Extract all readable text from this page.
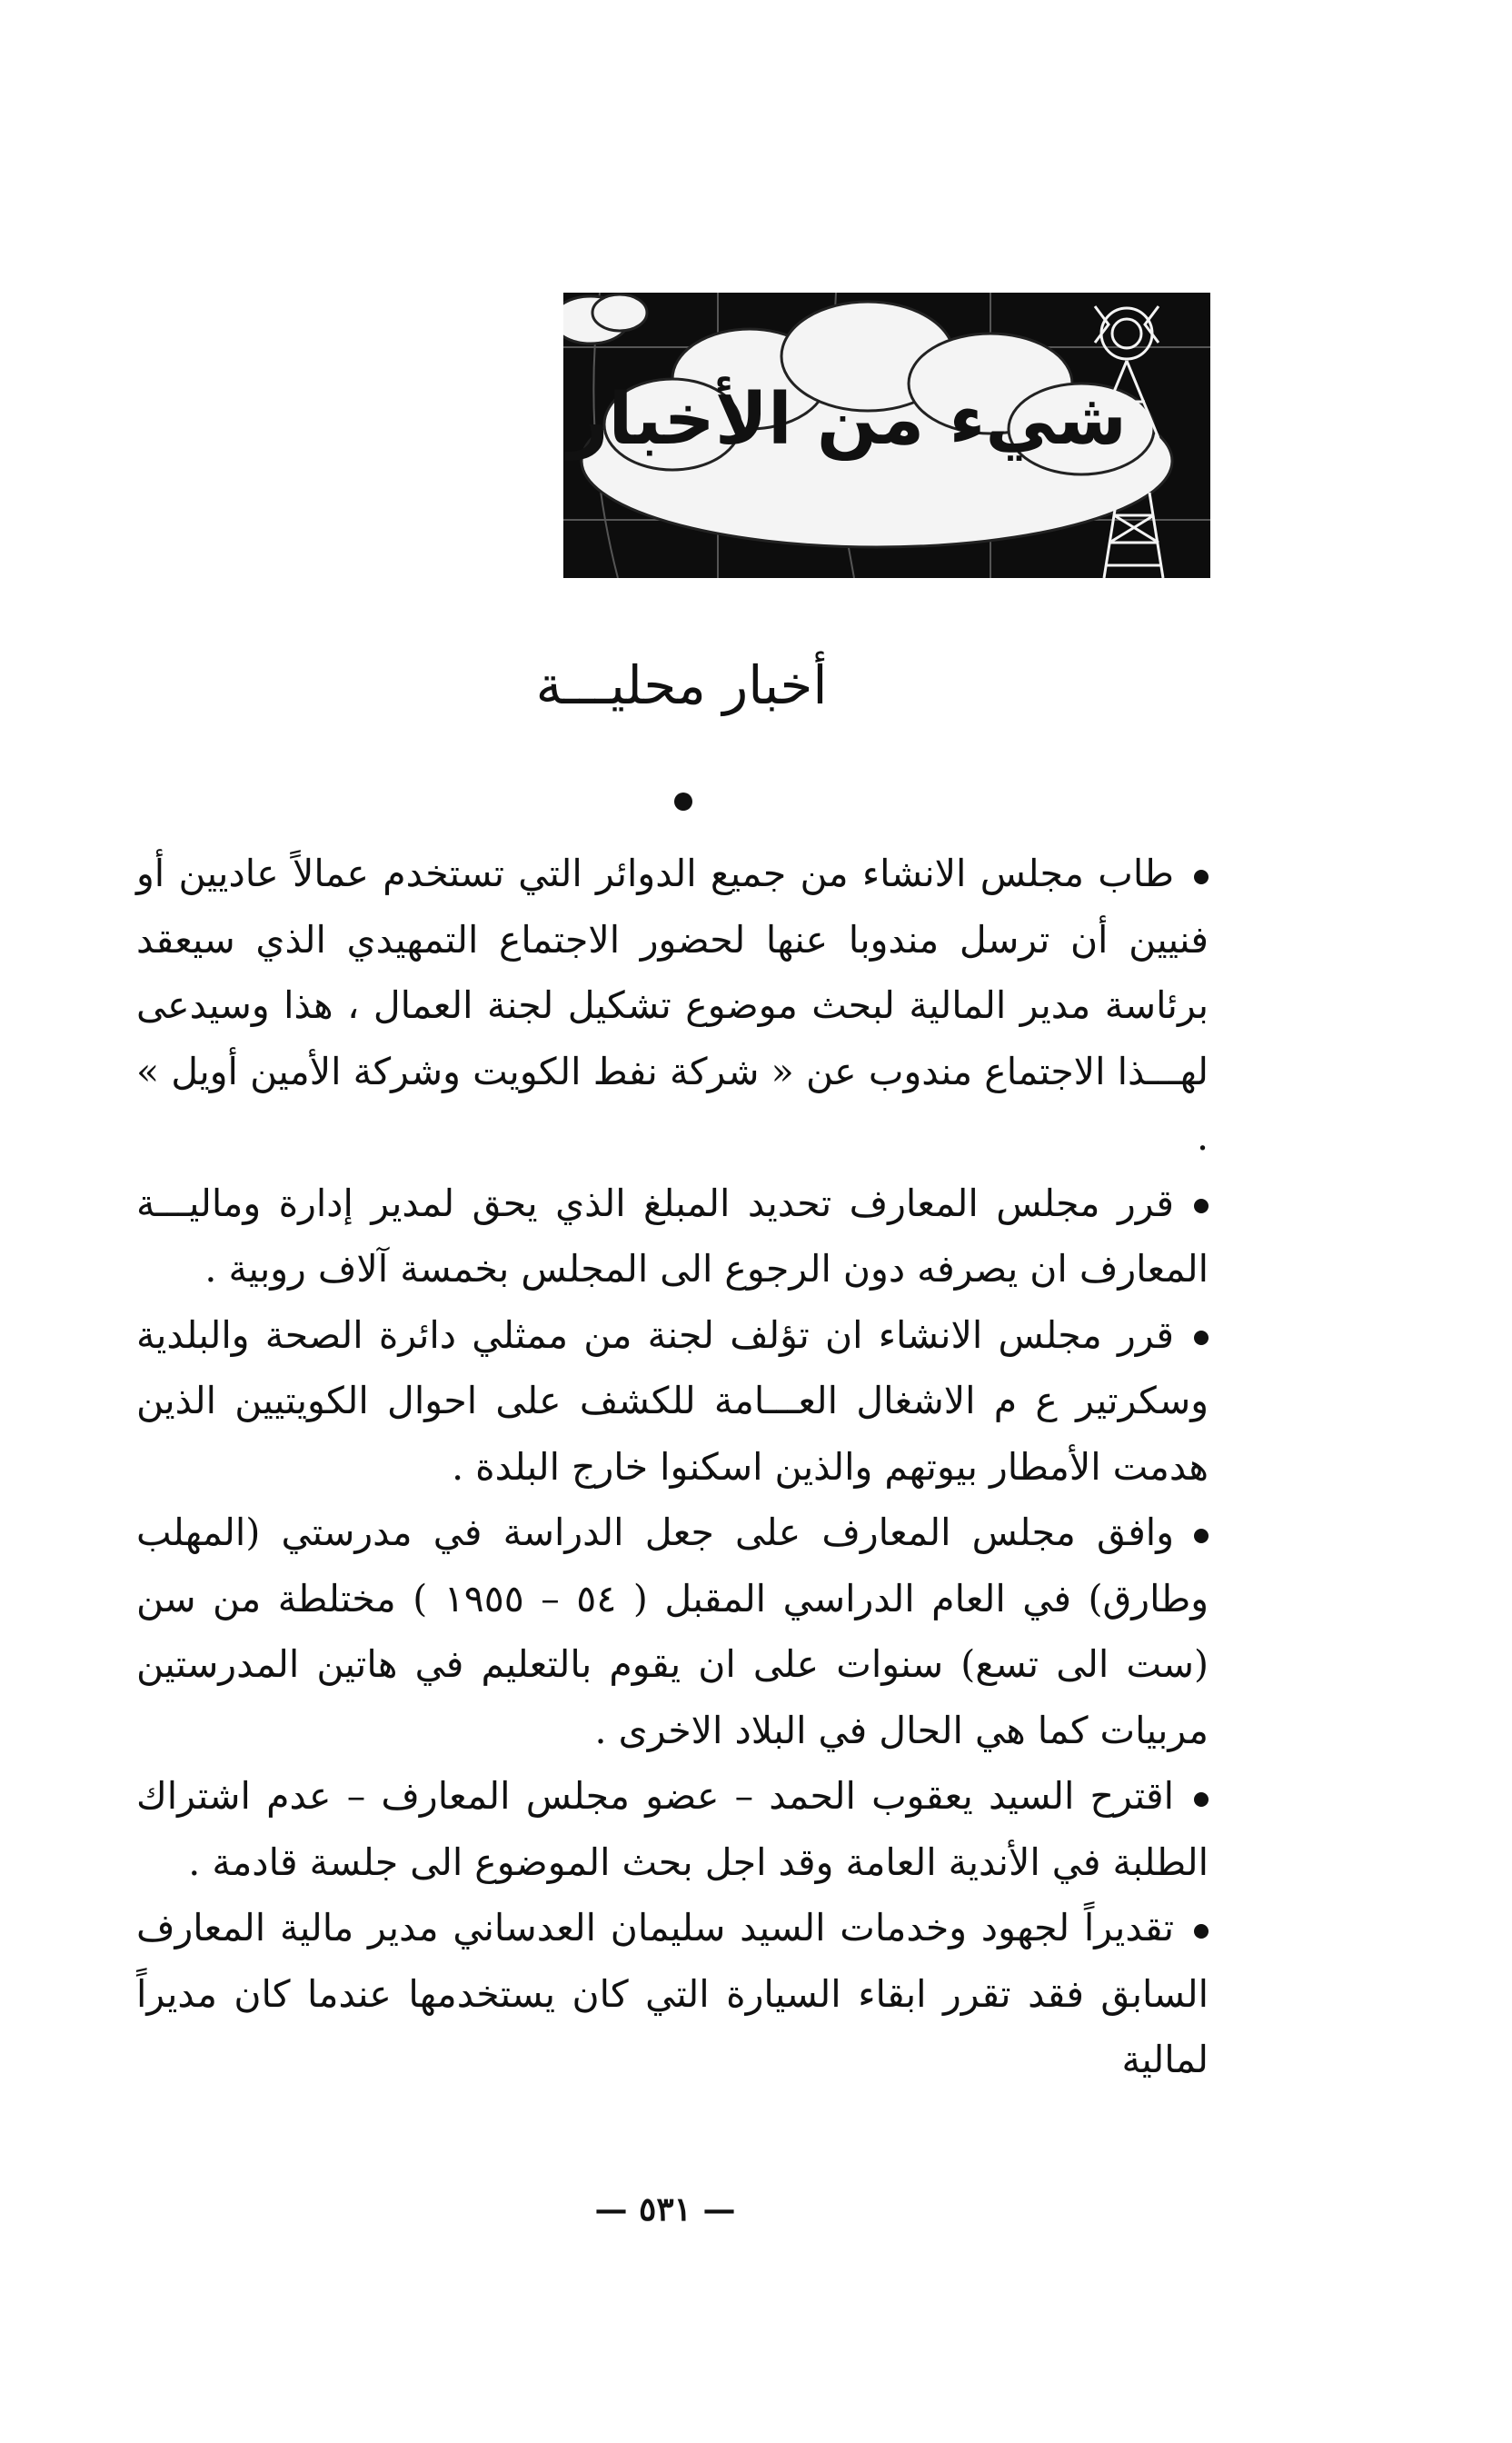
شيء من الأخبار
أخبار محليـــة

طاب مجلس الانشاء من جميع الدوائر التي تستخدم عمالاً عاديين أو فنيين أن ترسل مندوبا عنها لحضور الاجتماع التمهيدي الذي سيعقد برئاسة مدير المالية لبحث موضوع تشكيل لجنة العمال ، هذا وسيدعى لهـــذا الاجتماع مندوب عن « شركة نفط الكويت وشركة الأمين أويل » .

قرر مجلس المعارف تحديد المبلغ الذي يحق لمدير إدارة وماليـــة المعارف ان يصرفه دون الرجوع الى المجلس بخمسة آلاف روبية .

قرر مجلس الانشاء ان تؤلف لجنة من ممثلي دائرة الصحة والبلدية وسكرتير ع م الاشغال العـــامة للكشف على احوال الكويتيين الذين هدمت الأمطار بيوتهم والذين اسكنوا خارج البلدة .

وافق مجلس المعارف على جعل الدراسة في مدرستي (المهلب وطارق) في العام الدراسي المقبل ( ٥٤ – ١٩٥٥ ) مختلطة من سن (ست الى تسع) سنوات على ان يقوم بالتعليم في هاتين المدرستين مربيات كما هي الحال في البلاد الاخرى .

اقترح السيد يعقوب الحمد – عضو مجلس المعارف – عدم اشتراك الطلبة في الأندية العامة وقد اجل بحث الموضوع الى جلسة قادمة .

تقديراً لجهود وخدمات السيد سليمان العدساني مدير مالية المعارف السابق فقد تقرر ابقاء السيارة التي كان يستخدمها عندما كان مديراً لمالية

— ٥٣١ —
